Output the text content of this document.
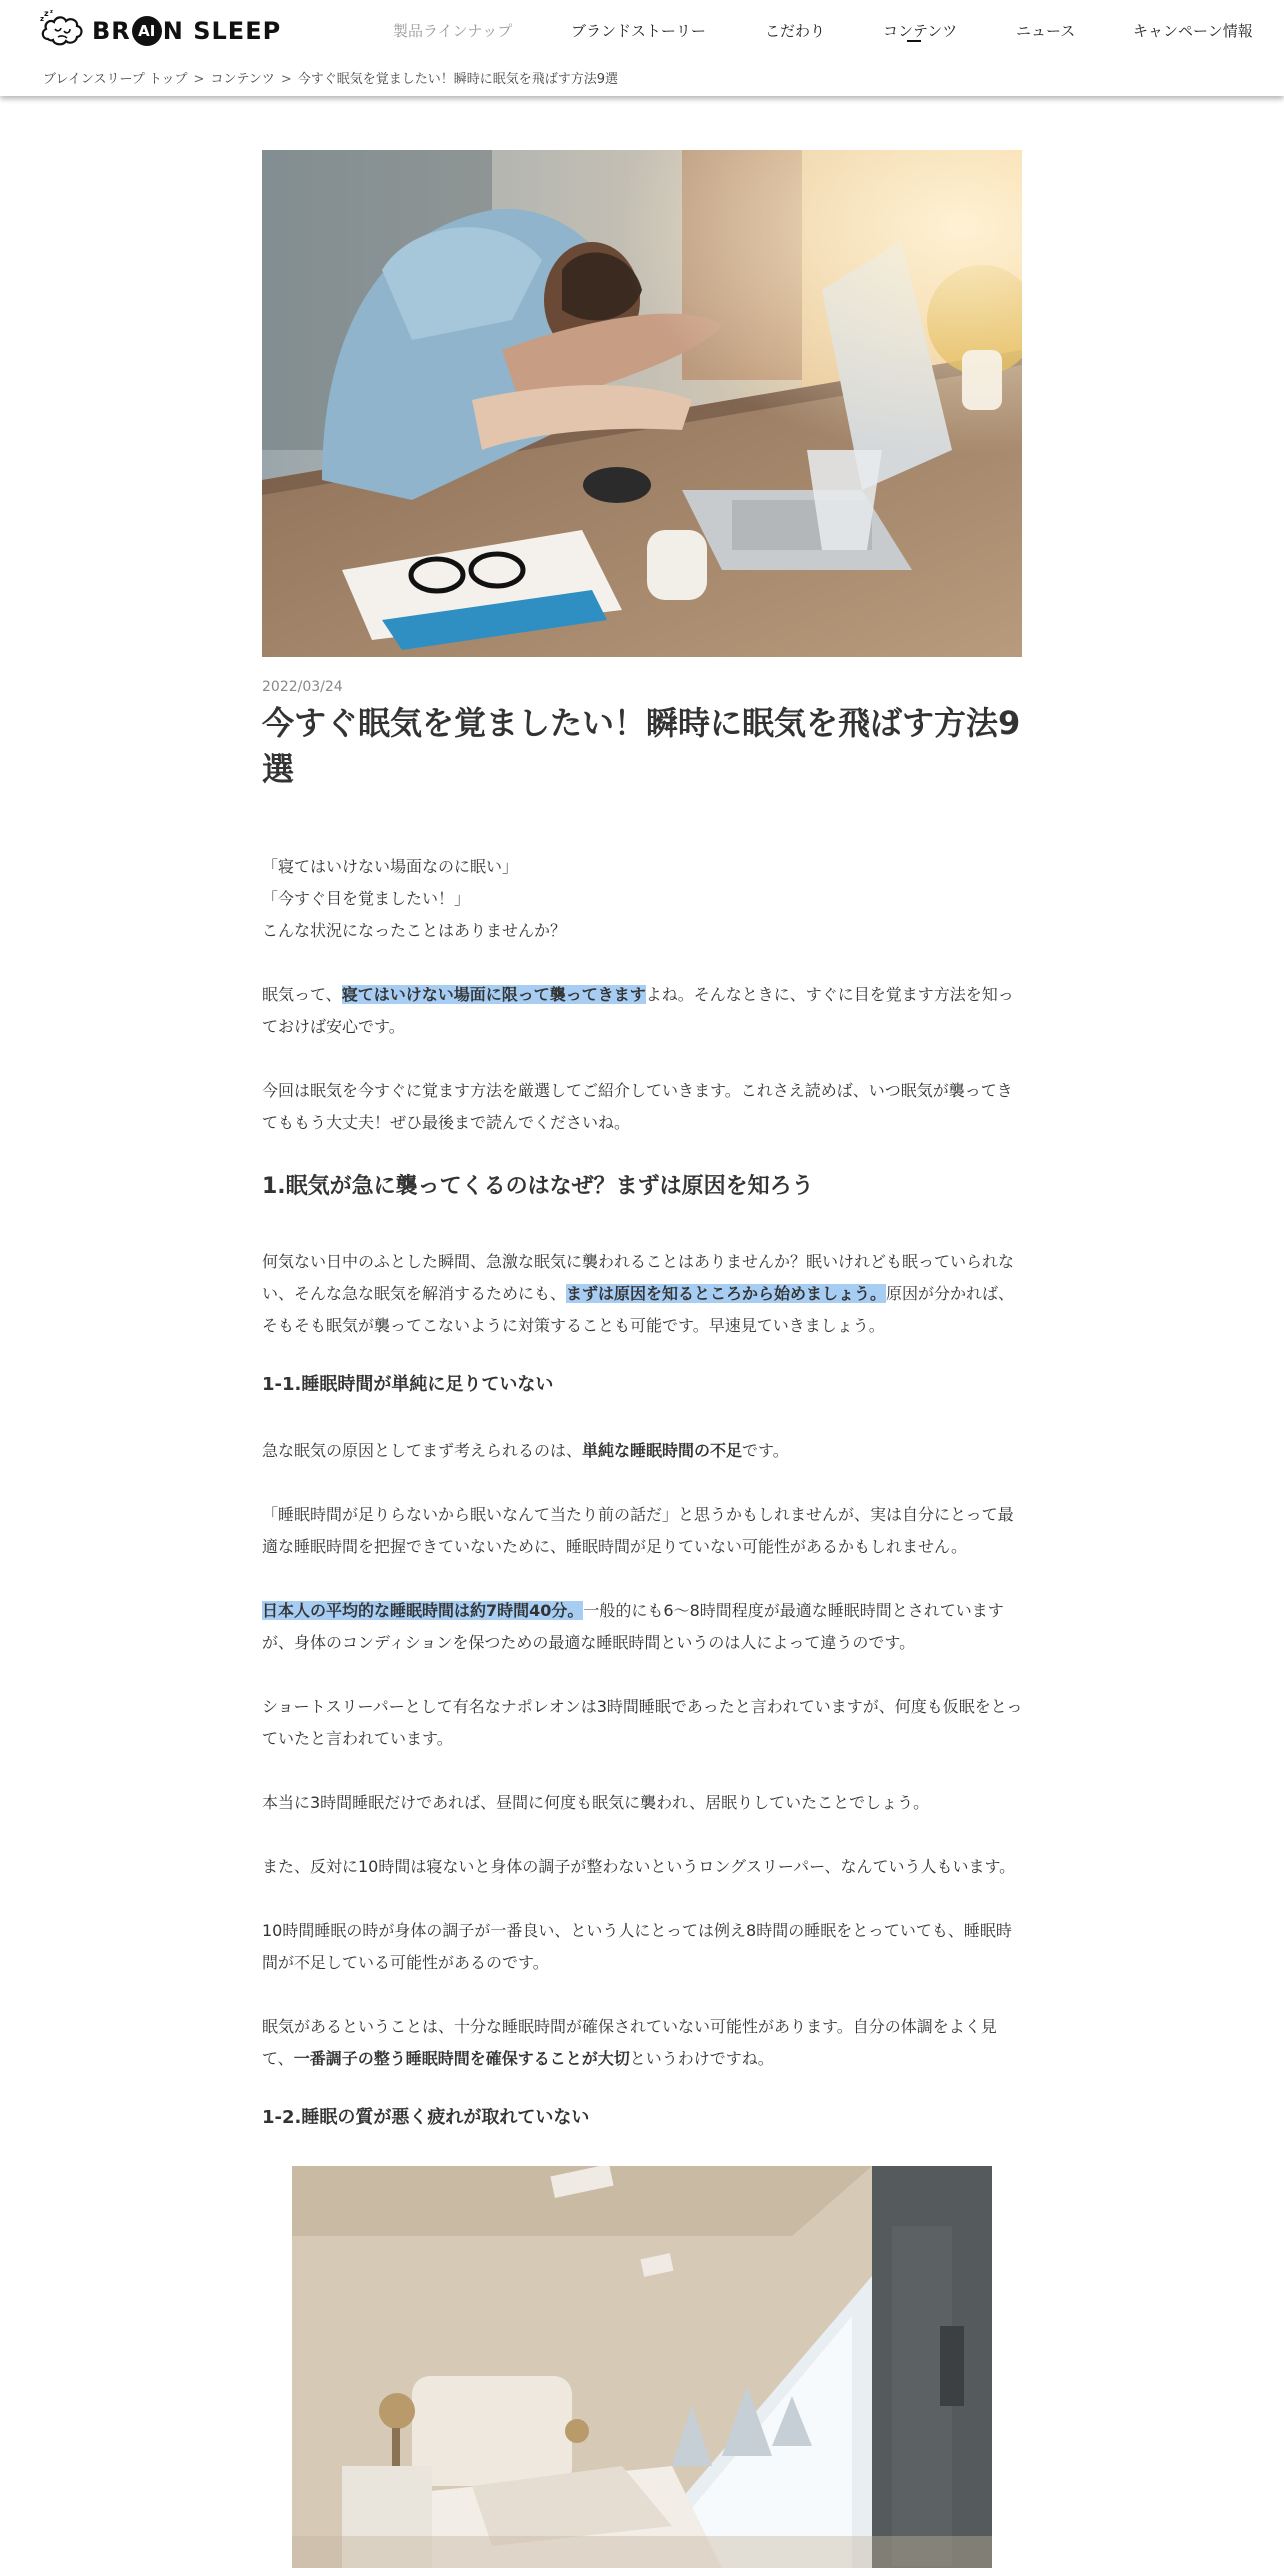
z
z z
BR AI N SLEEP	製品ラインナップ	ブランドストーリー	こだわり	コンテンツ	ニュース	キャンペーン情報
ブレインスリープ トップ > コンテンツ > 今すぐ眠気を覚ましたい！瞬時に眠気を飛ばす方法9選
2022/03/24
今すぐ眠気を覚ましたい！瞬時に眠気を飛ばす方法9選

「寝てはいけない場面なのに眠い」

「今すぐ目を覚ましたい！」

こんな状況になったことはありませんか？

眠気って、寝てはいけない場面に限って襲ってきますよね。そんなときに、すぐに目を覚ます方法を知っておけば安心です。

今回は眠気を今すぐに覚ます方法を厳選してご紹介していきます。これさえ読めば、いつ眠気が襲ってきてももう大丈夫！ぜひ最後まで読んでくださいね。

1.眠気が急に襲ってくるのはなぜ？まずは原因を知ろう

何気ない日中のふとした瞬間、急激な眠気に襲われることはありませんか？眠いけれども眠っていられない、そんな急な眠気を解消するためにも、まずは原因を知るところから始めましょう。原因が分かれば、そもそも眠気が襲ってこないように対策することも可能です。早速見ていきましょう。

1-1.睡眠時間が単純に足りていない

急な眠気の原因としてまず考えられるのは、単純な睡眠時間の不足です。

「睡眠時間が足りらないから眠いなんて当たり前の話だ」と思うかもしれませんが、実は自分にとって最適な睡眠時間を把握できていないために、睡眠時間が足りていない可能性があるかもしれません。

日本人の平均的な睡眠時間は約7時間40分。一般的にも6〜8時間程度が最適な睡眠時間とされていますが、身体のコンディションを保つための最適な睡眠時間というのは人によって違うのです。

ショートスリーパーとして有名なナポレオンは3時間睡眠であったと言われていますが、何度も仮眠をとっていたと言われています。

本当に3時間睡眠だけであれば、昼間に何度も眠気に襲われ、居眠りしていたことでしょう。

また、反対に10時間は寝ないと身体の調子が整わないというロングスリーパー、なんていう人もいます。

10時間睡眠の時が身体の調子が一番良い、という人にとっては例え8時間の睡眠をとっていても、睡眠時間が不足している可能性があるのです。

眠気があるということは、十分な睡眠時間が確保されていない可能性があります。自分の体調をよく見て、一番調子の整う睡眠時間を確保することが大切というわけですね。

1-2.睡眠の質が悪く疲れが取れていない
